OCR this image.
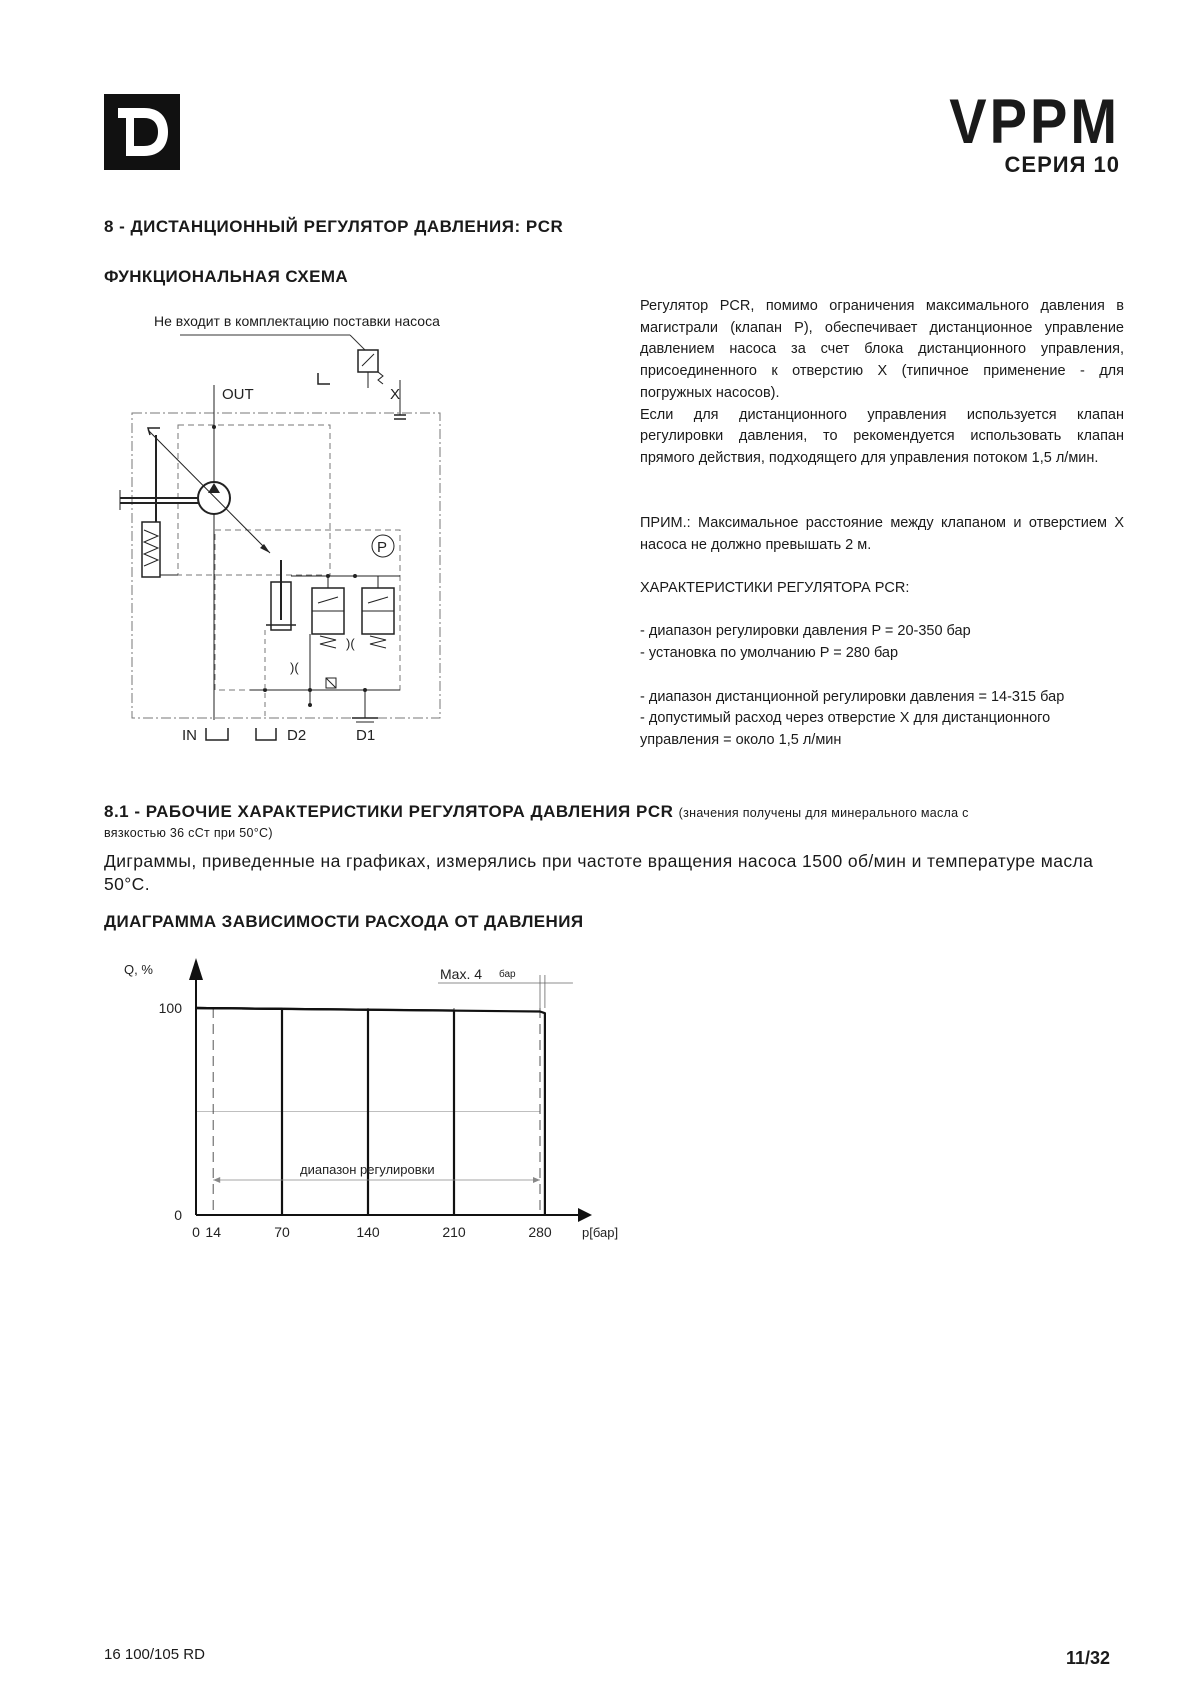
VPPM
СЕРИЯ 10
8 - ДИСТАНЦИОННЫЙ РЕГУЛЯТОР ДАВЛЕНИЯ: PCR
ФУНКЦИОНАЛЬНАЯ СХЕМА
)(
)(
OUT	X
P
IN	D2	D1
Не входит в комплектацию поставки насоса

Регулятор PCR, помимо ограничения максимального давления в магистрали (клапан P), обеспечивает дистанционное управление давлением насоса за счет блока дистанционного управления, присоединенного к отверстию X (типичное применение - для погружных насосов).

Если для дистанционного управления используется клапан регулировки давления, то рекомендуется использовать клапан прямого действия, подходящего для управления потоком 1,5 л/мин.

ПРИМ.: Максимальное расстояние между клапаном и отверстием X насоса не должно превышать 2 м.

ХАРАКТЕРИСТИКИ РЕГУЛЯТОРА PCR:

- диапазон регулировки давления P = 20-350 бар

- установка по умолчанию P = 280 бар

- диапазон дистанционной регулировки давления = 14-315 бар

- допустимый расход через отверстие X для дистанционного управления = около 1,5 л/мин

8.1 - РАБОЧИЕ ХАРАКТЕРИСТИКИ РЕГУЛЯТОРА ДАВЛЕНИЯ PCR (значения получены для минерального масла с
вязкостью 36 сСт при 50°C)
Диграммы, приведенные на графиках, измерялись при частоте вращения насоса 1500 об/мин и температуре масла 50°C.
ДИАГРАММА ЗАВИСИМОСТИ РАСХОДА ОТ ДАВЛЕНИЯ
0 14	70	140	210	280
0
100
Q, %
p[бар]
диапазон регулировки
Max. 4 бар
16 100/105 RD	11/32
